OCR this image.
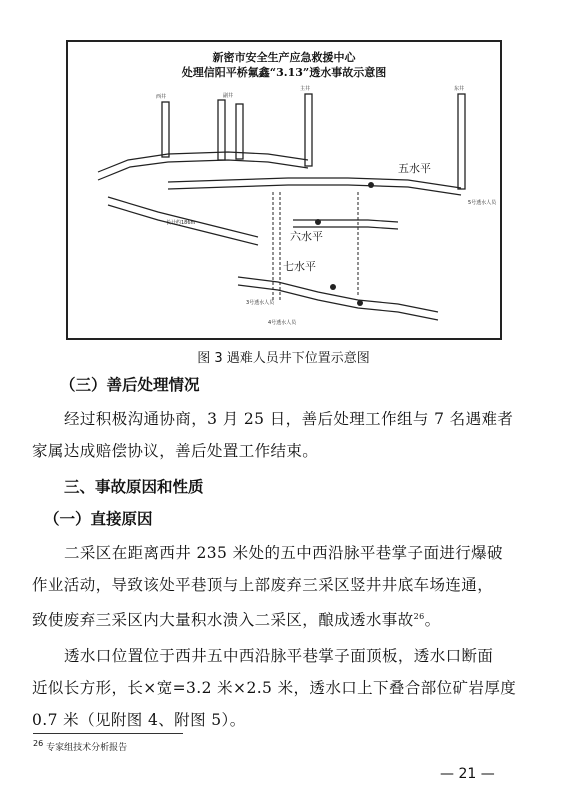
新密市安全生产应急救援中心
处理信阳平桥氟鑫“3.13”透水事故示意图
五水平
六水平
七水平
5号透水人员
3号透水人员
4号透水人员
长计约186m
副井
主井	东井
西井
图 3 遇难人员井下位置示意图
（三）善后处理情况
经过积极沟通协商，3 月 25 日，善后处理工作组与 7 名遇难者
家属达成赔偿协议，善后处置工作结束。
三、事故原因和性质
（一）直接原因
二采区在距离西井 235 米处的五中西沿脉平巷掌子面进行爆破
作业活动，导致该处平巷顶与上部废弃三采区竖井井底车场连通，
致使废弃三采区内大量积水溃入二采区，酿成透水事故$^{26}$。
透水口位置位于西井五中西沿脉平巷掌子面顶板，透水口断面
近似长方形，长×宽=3.2 米×2.5 米，透水口上下叠合部位矿岩厚度
0.7 米（见附图 4、附图 5）。
$^{26}$ 专家组技术分析报告
— 21 —
